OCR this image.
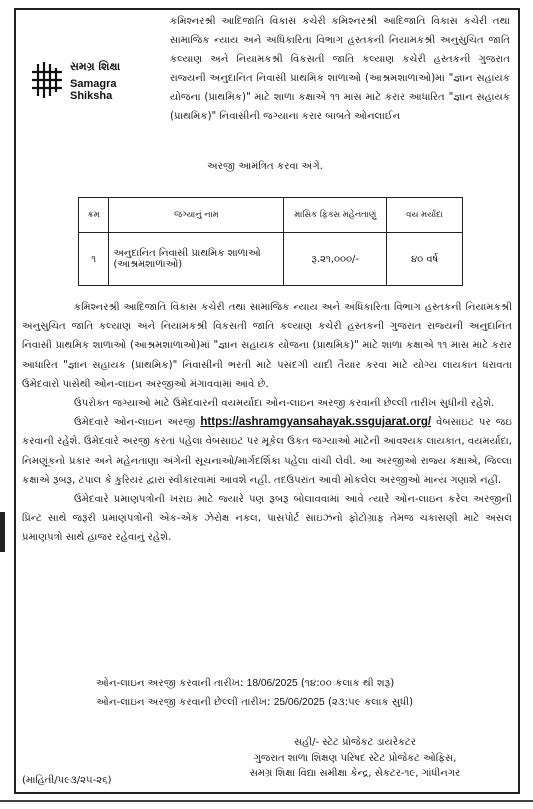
સમગ્ર શિક્ષા
Samagra Shiksha
કમિશ્નરશ્રી આદિજાતિ વિકાસ કચેરી કમિશ્નરશ્રી આદિજાતિ વિકાસ કચેરી તથા સામાજિક ન્યાય અને અધિકારિતા વિભાગ હસ્તકની નિયામકશ્રી અનુસુચિત જાતિ કલ્યાણ અને નિયામકશ્રી વિકસતી જાતિ કલ્યાણ કચેરી હસ્તકની ગુજરાત રાજ્યની અનુદાનિત નિવાસી પ્રાથમિક શાળાઓ (આશ્રમશાળાઓ)માં "જ્ઞાન સહાયક યોજના (પ્રાથમિક)" માટે શાળા કક્ષાએ ૧૧ માસ માટે કરાર આધારિત "જ્ઞાન સહાયક (પ્રાથમિક)" નિવાસીની જગ્યાના કરાર બાબતે ઓનલાઈન
અરજી આમંત્રિત કરવા અંગે.
ક્રમ	જગ્યાનું નામ	માસિક ફિક્સ મહેનતાણું	વય મર્યાદા
૧	અનુદાનિત નિવાસી પ્રાથમિક શાળાઓ (આશ્રમશાળાઓ)	રૂ.૨૧,૦૦૦/-	૪૦ વર્ષ

કમિશ્નરશ્રી આદિજાતિ વિકાસ કચેરી તથા સામાજિક ન્યાય અને અધિકારિતા વિભાગ હસ્તકની નિયામકશ્રી અનુસુચિત જાતિ કલ્યાણ અને નિયામકશ્રી વિકસતી જાતિ કલ્યાણ કચેરી હસ્તકની ગુજરાત રાજ્યની અનુદાનિત નિવાસી પ્રાથમિક શાળાઓ (આશ્રમશાળાઓ)માં "જ્ઞાન સહાયક યોજના (પ્રાથમિક)" માટે શાળા કક્ષાએ ૧૧ માસ માટે કરાર આધારિત "જ્ઞાન સહાયક (પ્રાથમિક)" નિવાસીની ભરતી માટે પસંદગી યાદી તૈયાર કરવા માટે યોગ્ય લાયકાત ધરાવતા ઉમેદવારો પાસેથી ઓન-લાઇન અરજીઓ મંગાવવામાં આવે છે.

ઉપરોક્ત જગ્યાઓ માટે ઉમેદવારની વયમર્યાદા ઓન-લાઇન અરજી કરવાની છેલ્લી તારીખ સુધીની રહેશે.

ઉમેદવારે ઓન-લાઇન અરજી https://ashramgyansahayak.ssgujarat.org/ વેબસાઇટ પર જઇ કરવાની રહેશે. ઉમેદવારે અરજી કરતાં પહેલા વેબસાઇટ પર મૂકેલ ઉકત જગ્યાઓ માટેની આવશ્યક લાયકાત, વયમર્યાદા, નિમણૂંકનો પ્રકાર અને મહેનતાણા અંગેની સૂચનાઓ/માર્ગદર્શિકા પહેલા વાંચી લેવી. આ અરજીઓ રાજ્ય કક્ષાએ, જિલ્લા કક્ષાએ રૂબરૂ, ટપાલ કે કુરિયર દ્વારા સ્વીકારવામાં આવશે નહીં. તદઉપરાંત આવી મોકલેલ અરજીઓ માન્ય ગણાશે નહીં.

ઉમેદવારે પ્રમાણપત્રોની ખરાઇ માટે જ્યારે પણ રૂબરૂ બોલાવવામાં આવે ત્યારે ઓન-લાઇન કરેલ અરજીની પ્રિન્ટ સાથે જરૂરી પ્રમાણપત્રોની એક-એક ઝેરોક્ષ નકલ, પાસપોર્ટ સાઇઝનો ફોટોગ્રાફ તેમજ ચકાસણી માટે અસલ પ્રમાણપત્રો સાથે હાજર રહેવાનું રહેશે.

ઓન-લાઇન અરજી કરવાની તારીખ: 18/06/2025 (૧૪:૦૦ કલાક થી શરૂ)
ઓન-લાઇન અરજી કરવાની છેલ્લી તારીખ: 25/06/2025 (૨૩:૫૯ કલાક સુધી)
સહી/- સ્ટેટ પ્રોજેકટ ડાયરેકટર
ગુજરાત શાળા શિક્ષણ પરિષદ સ્ટેટ પ્રોજેકટ ઓફિસ,
સમગ્ર શિક્ષા વિદ્યા સમીક્ષા કેન્દ્ર, સેકટર-૧૯, ગાંધીનગર
(માહિતી/૫૯૩/૨૫-૨૬)
